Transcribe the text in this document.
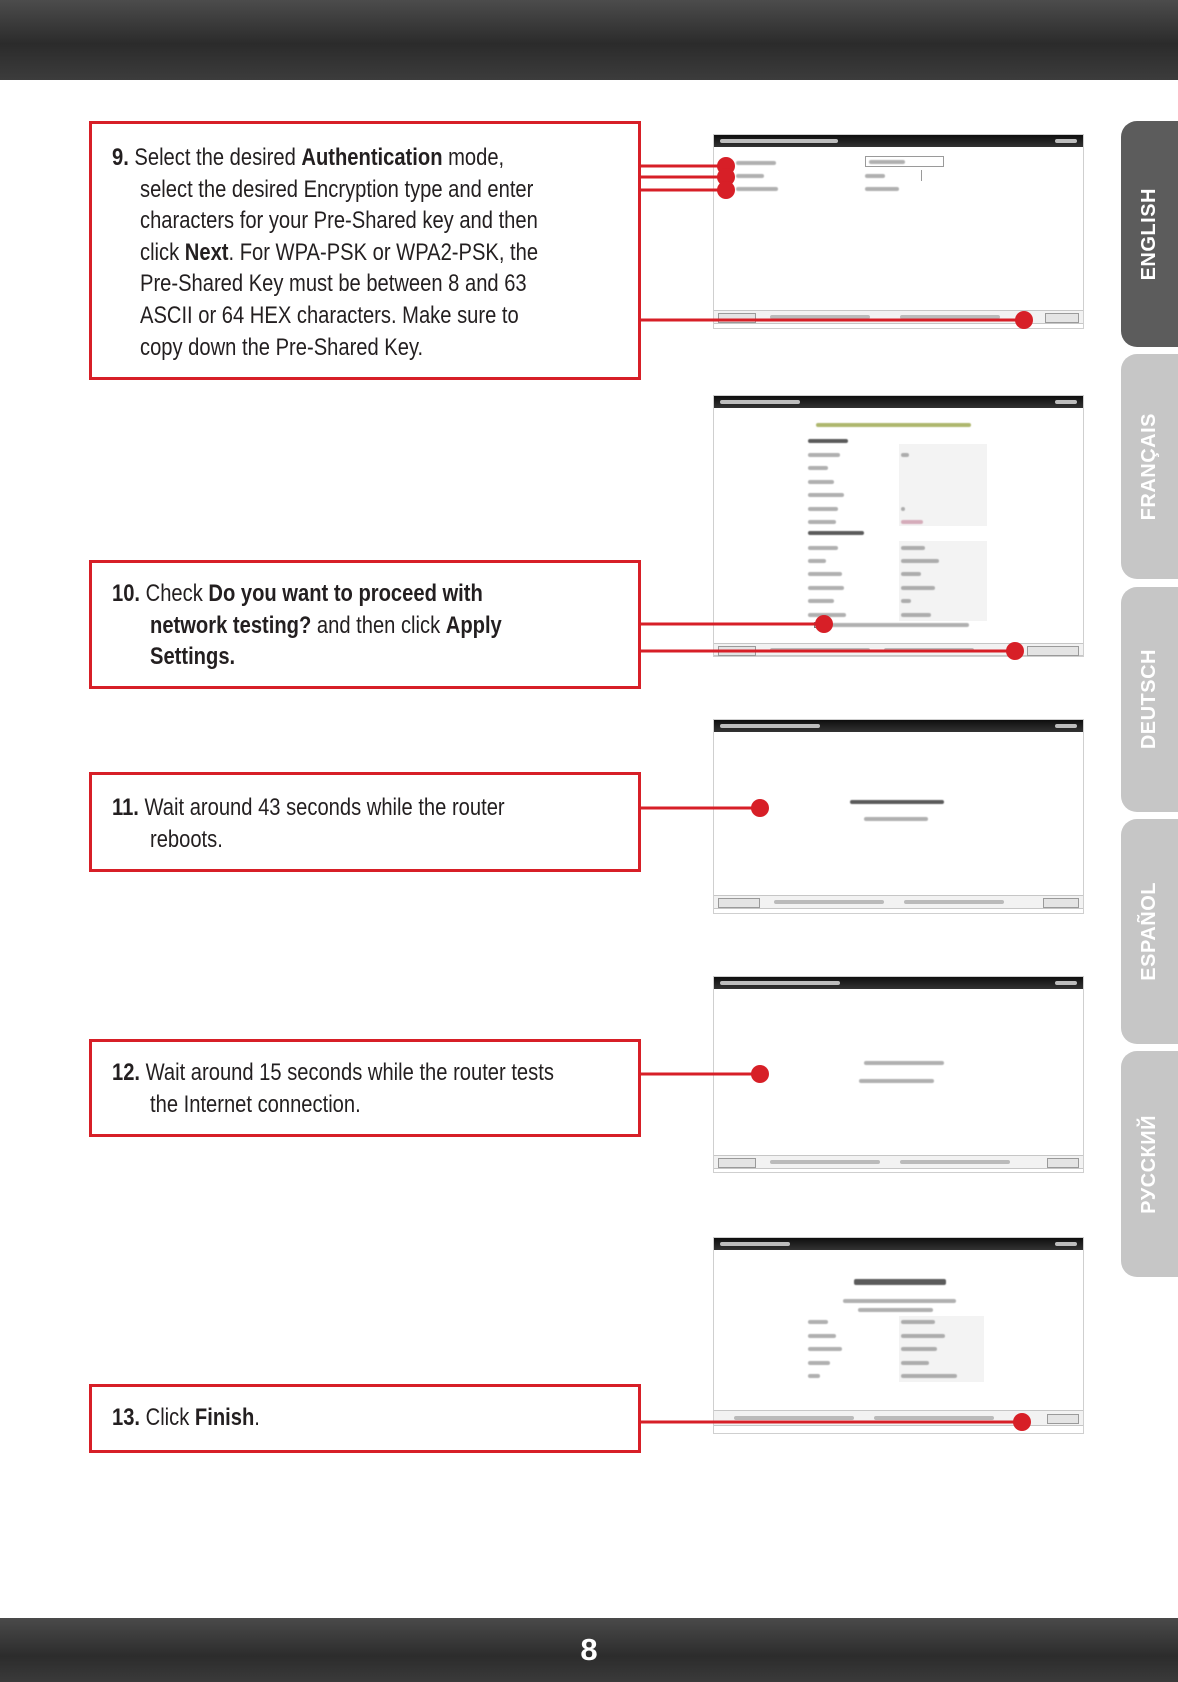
8
ENGLISH
FRANÇAIS
DEUTSCH
ESPAÑOL
РУССКИЙ
9. Select the desired Authentication mode,
select the desired Encryption type and enter
characters for your Pre-Shared key and then
click Next. For WPA-PSK or WPA2-PSK, the
Pre-Shared Key must be between 8 and 63
ASCII or 64 HEX characters. Make sure to
copy down the Pre-Shared Key.
10. Check Do you want to proceed with
network testing? and then click Apply
Settings.
11. Wait around 43 seconds while the router
reboots.
12. Wait around 15 seconds while the router tests
the Internet connection.
13. Click Finish.
